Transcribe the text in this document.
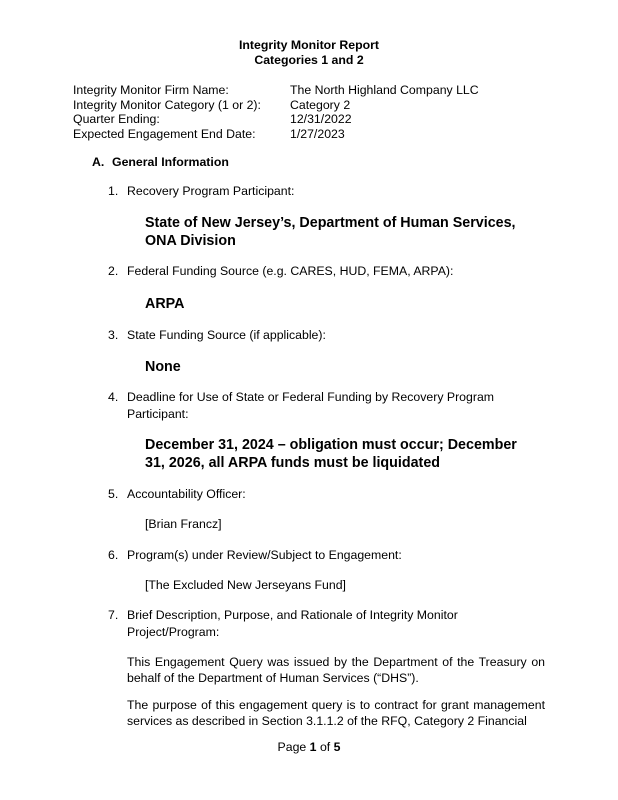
Integrity Monitor Report
Categories 1 and 2
Integrity Monitor Firm Name:	The North Highland Company LLC
Integrity Monitor Category (1 or 2): Category 2
Quarter Ending:	12/31/2022
Expected Engagement End Date:	1/27/2023
A. General Information
1. Recovery Program Participant:
State of New Jersey’s, Department of Human Services, ONA Division
2. Federal Funding Source (e.g. CARES, HUD, FEMA, ARPA):
ARPA
3. State Funding Source (if applicable):
None
4. Deadline for Use of State or Federal Funding by Recovery Program Participant:
December 31, 2024 – obligation must occur; December 31, 2026, all ARPA funds must be liquidated
5. Accountability Officer:
[Brian Francz]
6. Program(s) under Review/Subject to Engagement:
[The Excluded New Jerseyans Fund]
7. Brief Description, Purpose, and Rationale of Integrity Monitor Project/Program:
This Engagement Query was issued by the Department of the Treasury on behalf of the Department of Human Services (“DHS”).
The purpose of this engagement query is to contract for grant management services as described in Section 3.1.1.2 of the RFQ, Category 2 Financial
Page 1 of 5
